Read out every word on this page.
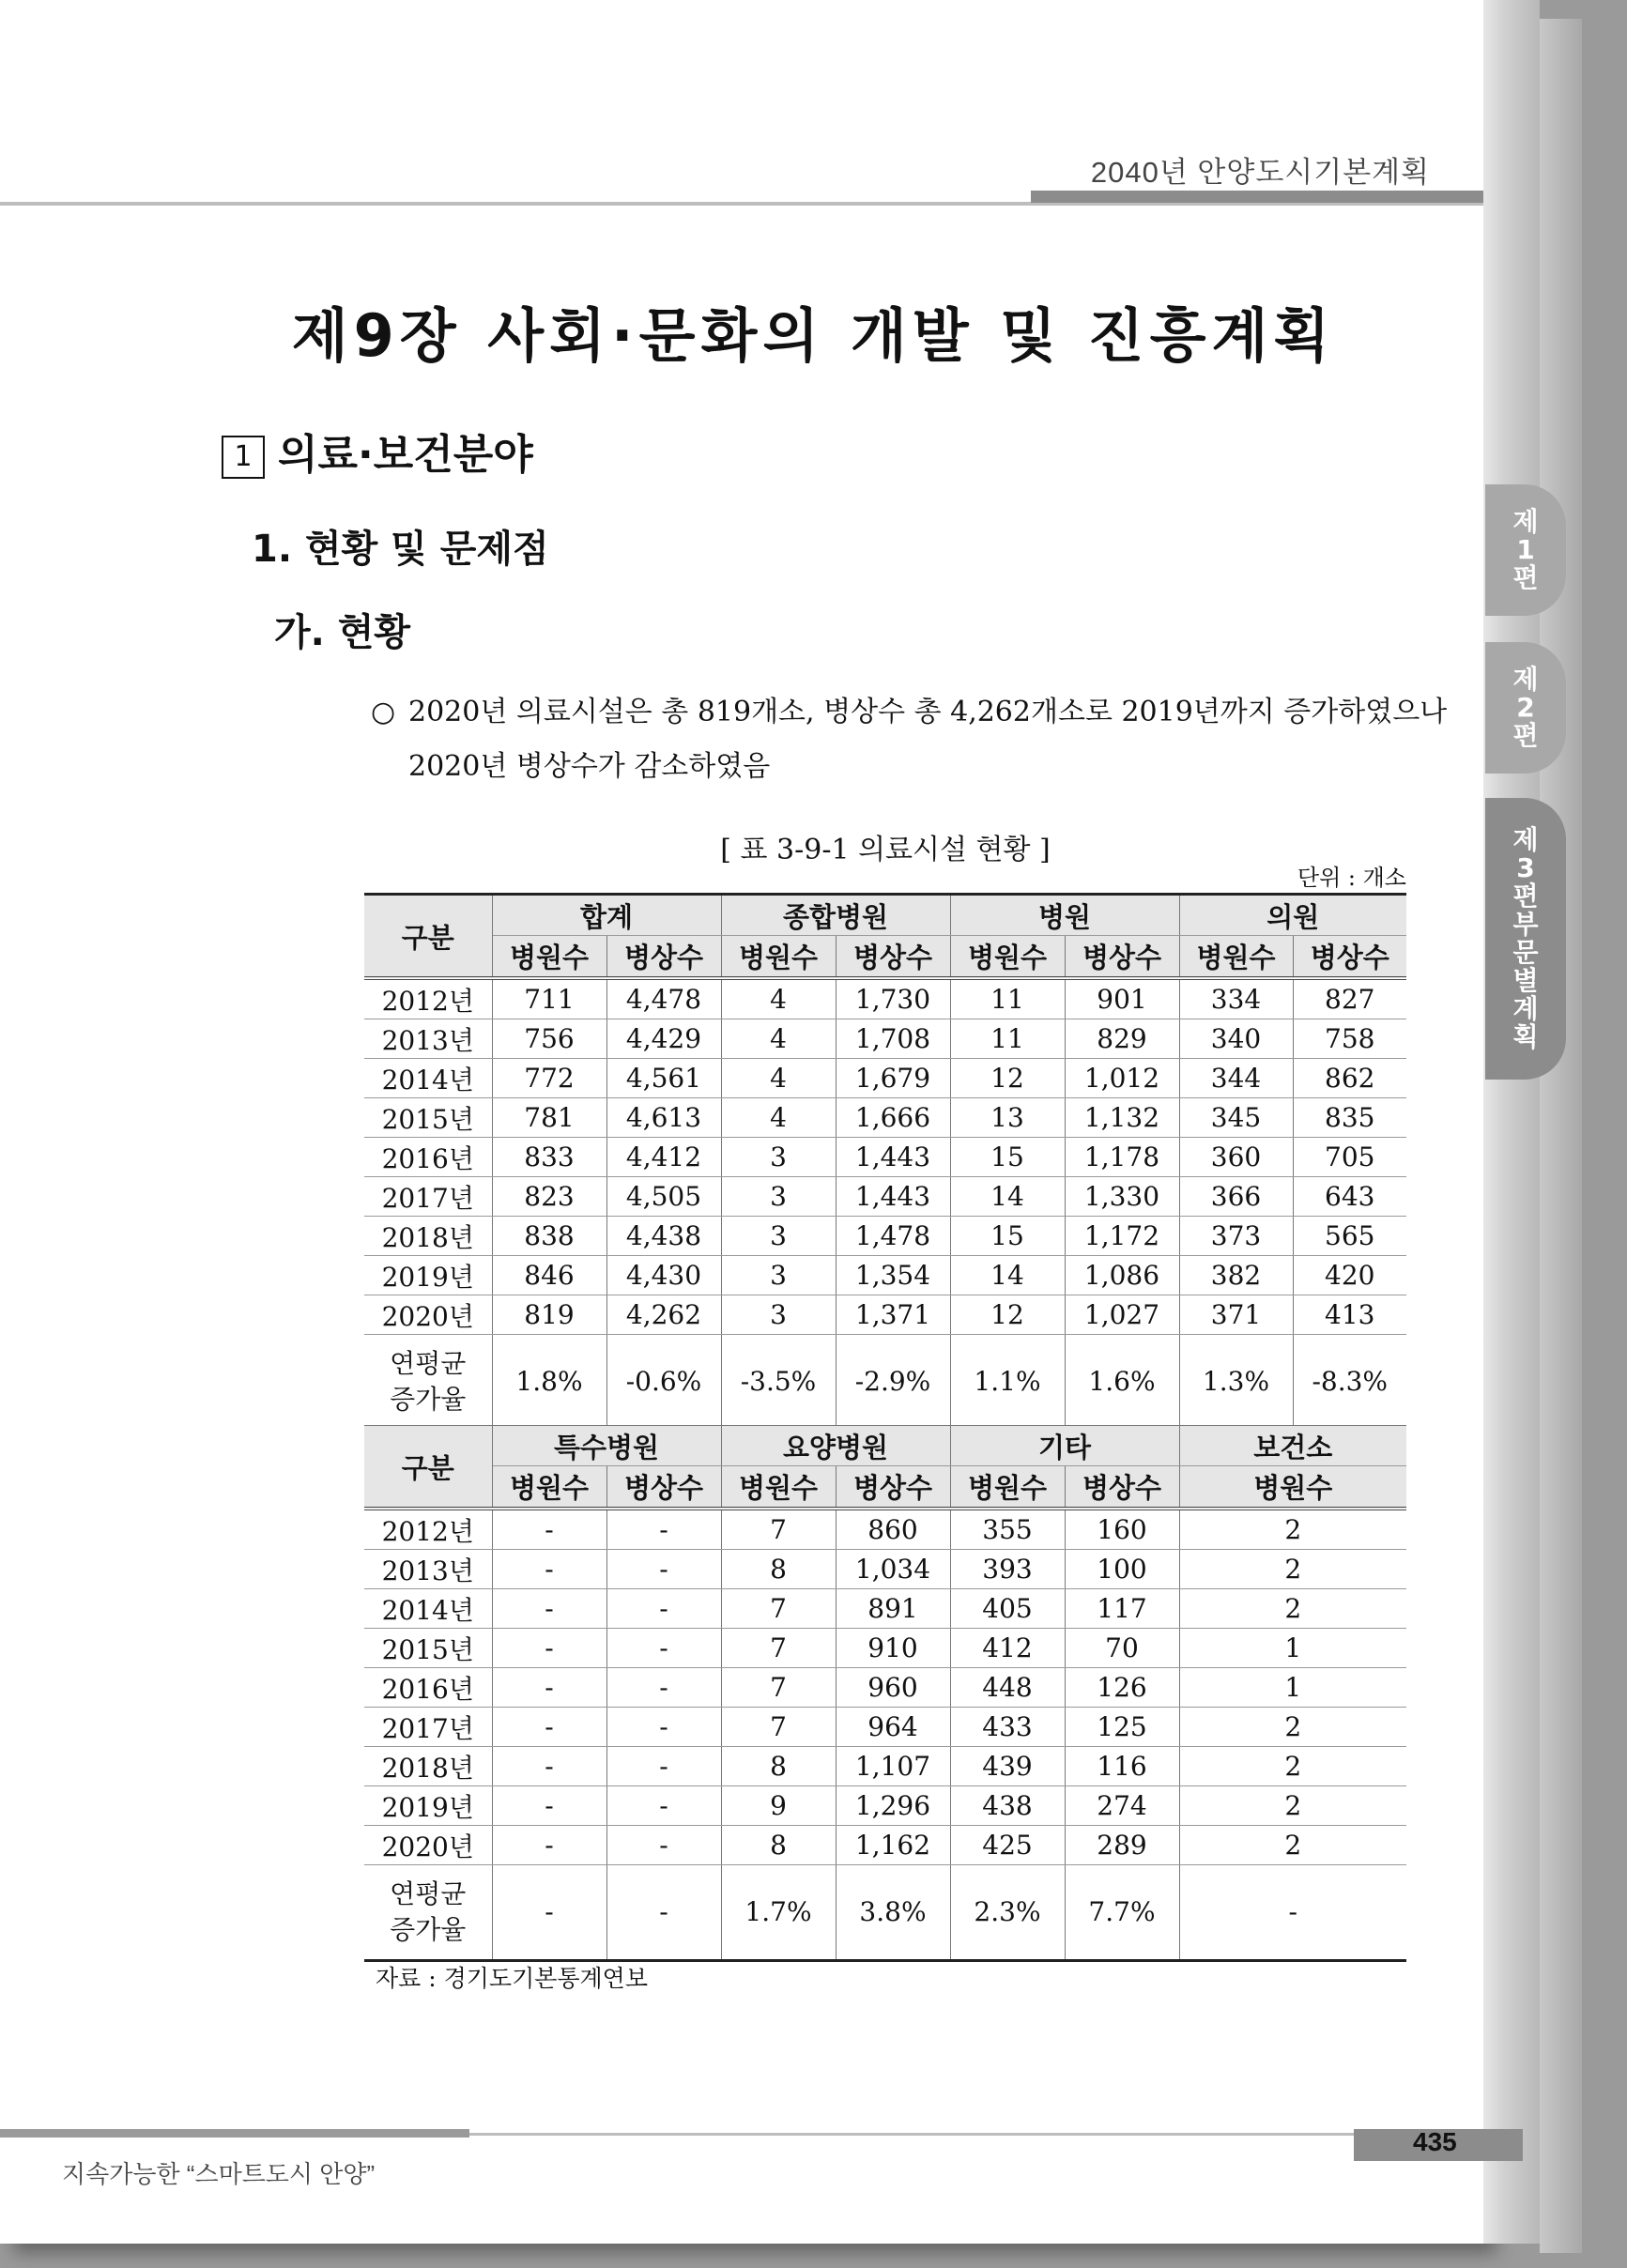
2040년 안양도시기본계획
제
1
편
제
2
편
제
3
편
부
문
별
계
획
제9장 사회·문화의 개발 및 진흥계획
1 의료·보건분야
1. 현황 및 문제점
가. 현황
○ 2020년 의료시설은 총 819개소, 병상수 총 4,262개소로 2019년까지 증가하였으나
2020년 병상수가 감소하였음
[ 표 3-9-1 의료시설 현황 ]
단위 : 개소
구분	합계		종합병원		병원		의원	
	병원수	병상수	병원수	병상수	병원수	병상수	병원수	병상수
2012년	711	4,478	4	1,730	11	901	334	827
2013년	756	4,429	4	1,708	11	829	340	758
2014년	772	4,561	4	1,679	12	1,012	344	862
2015년	781	4,613	4	1,666	13	1,132	345	835
2016년	833	4,412	3	1,443	15	1,178	360	705
2017년	823	4,505	3	1,443	14	1,330	366	643
2018년	838	4,438	3	1,478	15	1,172	373	565
2019년	846	4,430	3	1,354	14	1,086	382	420
2020년	819	4,262	3	1,371	12	1,027	371	413
연평균
증가율	1.8%	-0.6%	-3.5%	-2.9%	1.1%	1.6%	1.3%	-8.3%
구분	특수병원		요양병원		기타		보건소
	병원수	병상수	병원수	병상수	병원수	병상수	병원수
2012년	-	-	7	860	355	160	2
2013년	-	-	8	1,034	393	100	2
2014년	-	-	7	891	405	117	2
2015년	-	-	7	910	412	70	1
2016년	-	-	7	960	448	126	1
2017년	-	-	7	964	433	125	2
2018년	-	-	8	1,107	439	116	2
2019년	-	-	9	1,296	438	274	2
2020년	-	-	8	1,162	425	289	2
연평균
증가율	-	-	1.7%	3.8%	2.3%	7.7%	-
자료 : 경기도기본통계연보
지속가능한 “스마트도시 안양”
435
